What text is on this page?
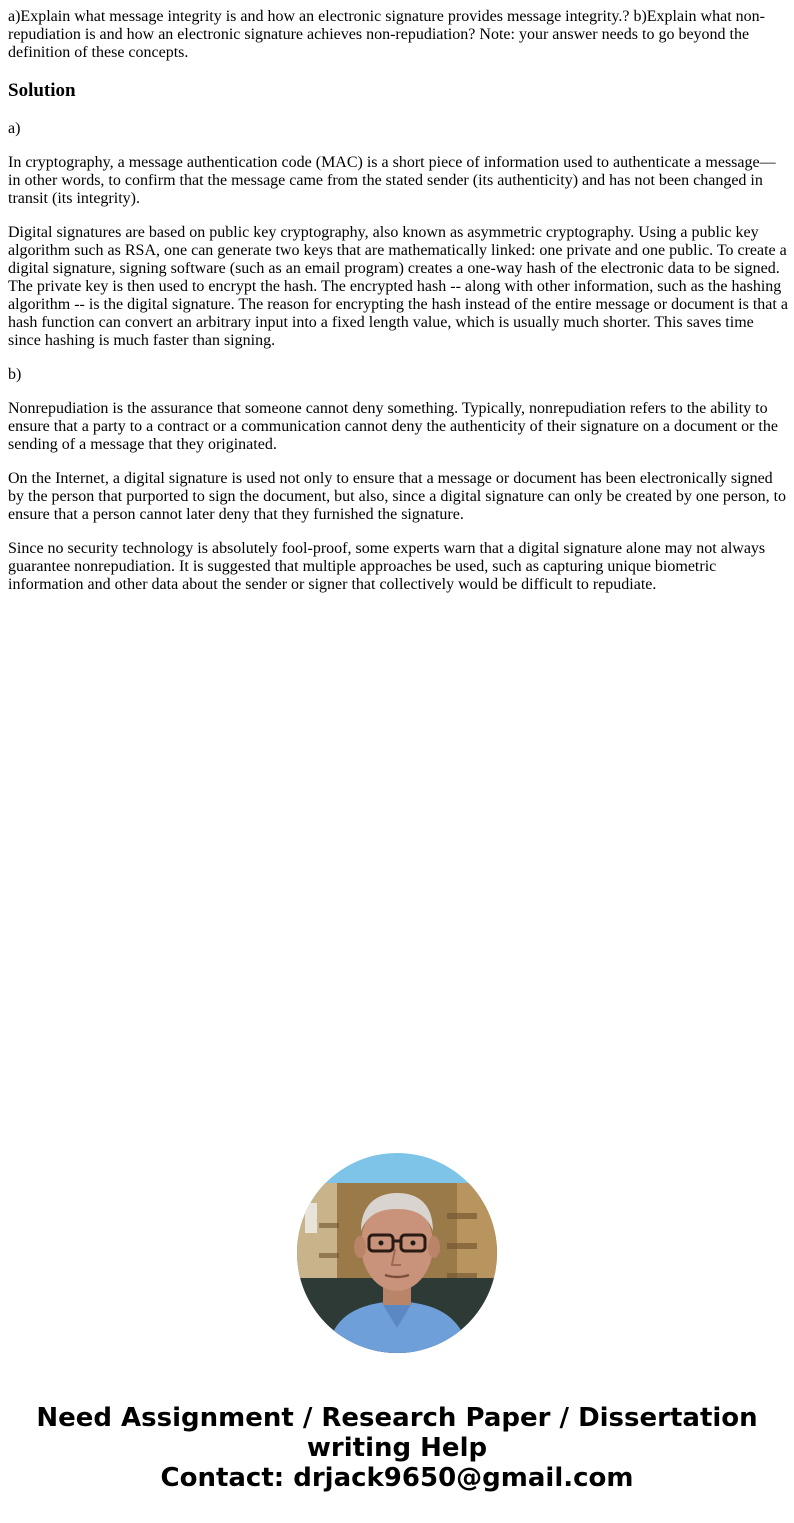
a)Explain what message integrity is and how an electronic signature provides message integrity.? b)Explain what non-repudiation is and how an electronic signature achieves non-repudiation? Note: your answer needs to go beyond the definition of these concepts.

Solution

a)

In cryptography, a message authentication code (MAC) is a short piece of information used to authenticate a message—in other words, to confirm that the message came from the stated sender (its authenticity) and has not been changed in transit (its integrity).

Digital signatures are based on public key cryptography, also known as asymmetric cryptography. Using a public key algorithm such as RSA, one can generate two keys that are mathematically linked: one private and one public. To create a digital signature, signing software (such as an email program) creates a one-way hash of the electronic data to be signed. The private key is then used to encrypt the hash. The encrypted hash -- along with other information, such as the hashing algorithm -- is the digital signature. The reason for encrypting the hash instead of the entire message or document is that a hash function can convert an arbitrary input into a fixed length value, which is usually much shorter. This saves time since hashing is much faster than signing.

b)

Nonrepudiation is the assurance that someone cannot deny something. Typically, nonrepudiation refers to the ability to ensure that a party to a contract or a communication cannot deny the authenticity of their signature on a document or the sending of a message that they originated.

On the Internet, a digital signature is used not only to ensure that a message or document has been electronically signed by the person that purported to sign the document, but also, since a digital signature can only be created by one person, to ensure that a person cannot later deny that they furnished the signature.

Since no security technology is absolutely fool-proof, some experts warn that a digital signature alone may not always guarantee nonrepudiation. It is suggested that multiple approaches be used, such as capturing unique biometric information and other data about the sender or signer that collectively would be difficult to repudiate.

Need Assignment / Research Paper / Dissertation
writing Help
Contact: drjack9650@gmail.com
